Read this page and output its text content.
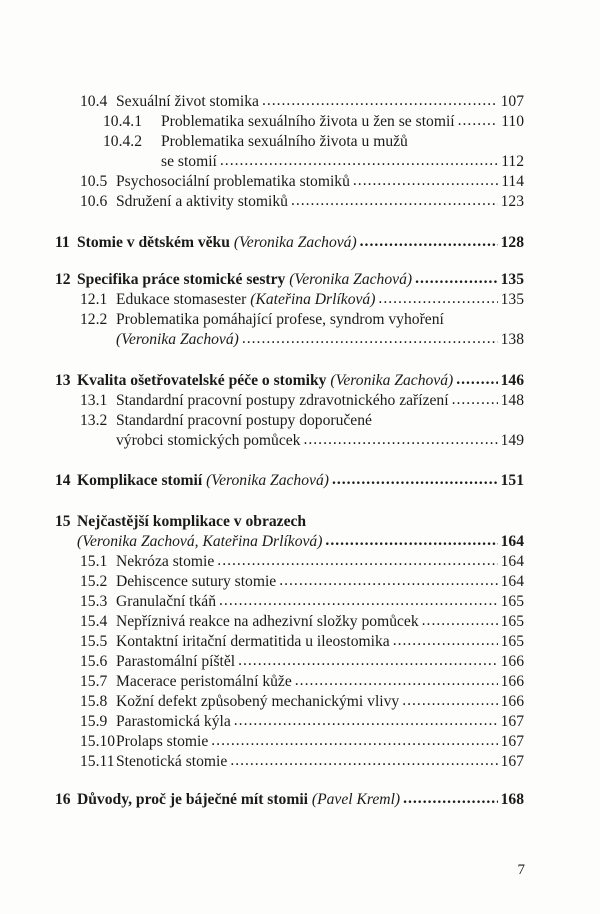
10.4 Sexuální život stomika .....	107
10.4.1	Problematika sexuálního života u žen se stomií .....	110
10.4.2	Problematika sexuálního života u mužů
se stomií .....	112
10.5 Psychosociální problematika stomiků .....	114
10.6 Sdružení a aktivity stomiků .....	123
11 Stomie v dětském věku (Veronika Zachová) .....	128
12 Specifika práce stomické sestry (Veronika Zachová) .....	135
12.1 Edukace stomasester (Kateřina Drlíková) .....	135
12.2 Problematika pomáhající profese, syndrom vyhoření
(Veronika Zachová) .....	138
13 Kvalita ošetřovatelské péče o stomiky (Veronika Zachová) .....	146
13.1 Standardní pracovní postupy zdravotnického zařízení .....	148
13.2 Standardní pracovní postupy doporučené
výrobci stomických pomůcek .....	149
14 Komplikace stomií (Veronika Zachová) .....	151
15 Nejčastější komplikace v obrazech
(Veronika Zachová, Kateřina Drlíková) .....	164
15.1 Nekróza stomie .....	164
15.2 Dehiscence sutury stomie .....	164
15.3 Granulační tkáň .....	165
15.4 Nepříznivá reakce na adhezivní složky pomůcek .....	165
15.5 Kontaktní iritační dermatitida u ileostomika .....	165
15.6 Parastomální píštěl .....	166
15.7 Macerace peristomální kůže .....	166
15.8 Kožní defekt způsobený mechanickými vlivy .....	166
15.9 Parastomická kýla .....	167
15.10 Prolaps stomie .....	167
15.11 Stenotická stomie .....	167
16 Důvody, proč je báječné mít stomii (Pavel Kreml) .....	168
7
